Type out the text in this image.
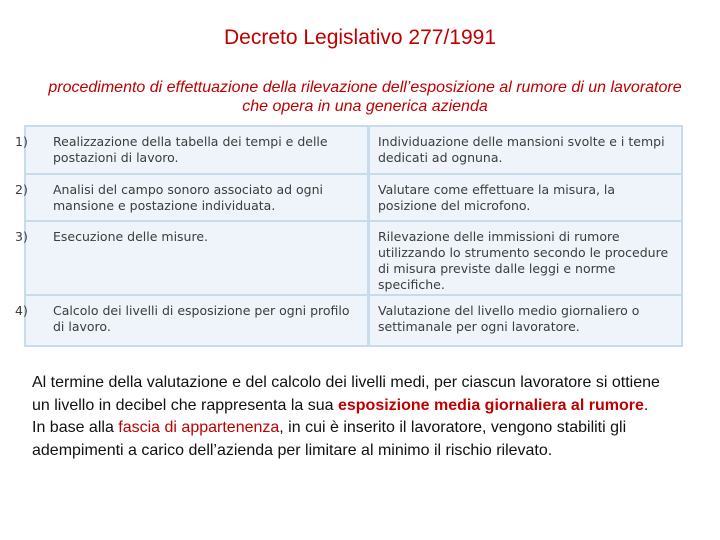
Decreto Legislativo 277/1991
procedimento di effettuazione della rilevazione dell’esposizione al rumore di un lavoratore che opera in una generica azienda
1) Realizzazione della tabella dei tempi e delle postazioni di lavoro.
Individuazione delle mansioni svolte e i tempi dedicati ad ognuna.
2) Analisi del campo sonoro associato ad ogni mansione e postazione individuata.
Valutare come effettuare la misura, la posizione del microfono.
3) Esecuzione delle misure.	Rilevazione delle immissioni di rumore utilizzando lo strumento secondo le procedure di misura previste dalle leggi e norme specifiche.
4) Calcolo dei livelli di esposizione per ogni profilo di lavoro.
Valutazione del livello medio giornaliero o settimanale per ogni lavoratore.

Al termine della valutazione e del calcolo dei livelli medi, per ciascun lavoratore si ottiene un livello in decibel che rappresenta la sua esposizione media giornaliera al rumore.

In base alla fascia di appartenenza, in cui è inserito il lavoratore, vengono stabiliti gli adempimenti a carico dell’azienda per limitare al minimo il rischio rilevato.
